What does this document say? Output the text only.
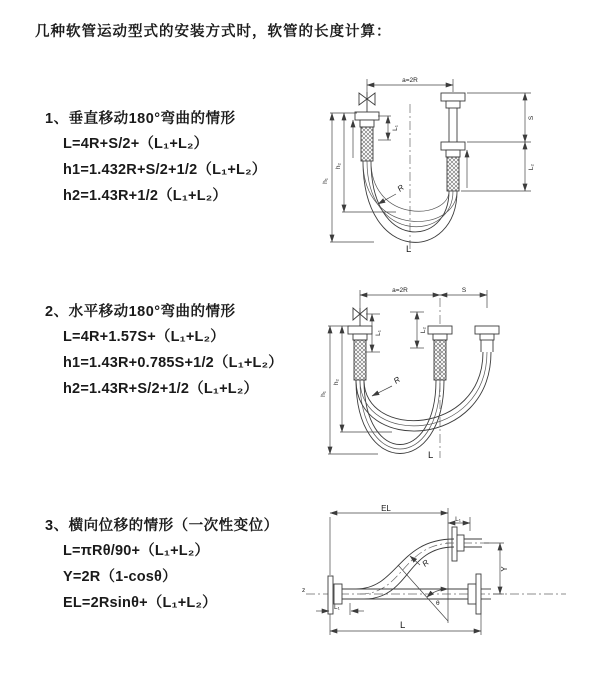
几种软管运动型式的安装方式时，软管的长度计算：
1、垂直移动180°弯曲的情形
L=4R+S/2+（L₁+L₂）
h1=1.432R+S/2+1/2（L₁+L₂）
h2=1.43R+1/2（L₁+L₂）
2、水平移动180°弯曲的情形
L=4R+1.57S+（L₁+L₂）
h1=1.43R+0.785S+1/2（L₁+L₂）
h2=1.43R+S/2+1/2（L₁+L₂）
3、横向位移的情形（一次性变位）
L=πRθ/90+（L₁+L₂）
Y=2R（1-cosθ）
EL=2Rsinθ+（L₁+L₂）
a=2R
h₁
h₂
L₁
S
L₂
R
L
a=2R	S
h₁
h₂
L₁	L₂
R
L
z
EL
L₁
Y
θ
R
L₁
L
